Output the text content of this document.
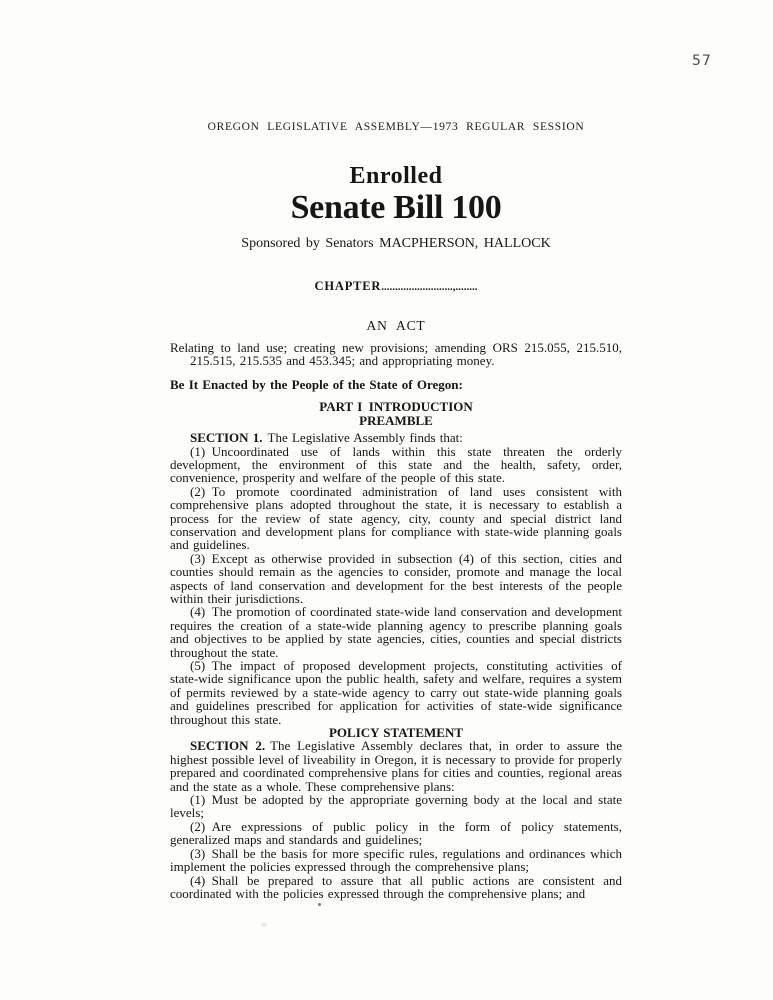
57
OREGON LEGISLATIVE ASSEMBLY—1973 REGULAR SESSION
Enrolled
Senate Bill 100
Sponsored by Senators MACPHERSON, HALLOCK
CHAPTER..........................,........
AN ACT

Relating to land use; creating new provisions; amending ORS 215.055, 215.510, 215.515, 215.535 and 453.345; and appropriating money.

Be It Enacted by the People of the State of Oregon:

PART I INTRODUCTION
PREAMBLE

SECTION 1. The Legislative Assembly finds that:

(1) Uncoordinated use of lands within this state threaten the orderly development, the environment of this state and the health, safety, order, convenience, prosperity and welfare of the people of this state.

(2) To promote coordinated administration of land uses consistent with comprehensive plans adopted throughout the state, it is necessary to establish a process for the review of state agency, city, county and special district land conservation and development plans for compliance with state-wide planning goals and guidelines.

(3) Except as otherwise provided in subsection (4) of this section, cities and counties should remain as the agencies to consider, promote and manage the local aspects of land conservation and development for the best interests of the people within their jurisdictions.

(4) The promotion of coordinated state-wide land conservation and development requires the creation of a state-wide planning agency to prescribe planning goals and objectives to be applied by state agencies, cities, counties and special districts throughout the state.

(5) The impact of proposed development projects, constituting activities of state-wide significance upon the public health, safety and welfare, requires a system of permits reviewed by a state-wide agency to carry out state-wide planning goals and guidelines prescribed for application for activities of state-wide significance throughout this state.

POLICY STATEMENT

SECTION 2. The Legislative Assembly declares that, in order to assure the highest possible level of liveability in Oregon, it is necessary to provide for properly prepared and coordinated comprehensive plans for cities and counties, regional areas and the state as a whole. These comprehensive plans:

(1) Must be adopted by the appropriate governing body at the local and state levels;

(2) Are expressions of public policy in the form of policy statements, generalized maps and standards and guidelines;

(3) Shall be the basis for more specific rules, regulations and ordinances which implement the policies expressed through the comprehensive plans;

(4) Shall be prepared to assure that all public actions are consistent and coordinated with the policies expressed through the comprehensive plans; and
